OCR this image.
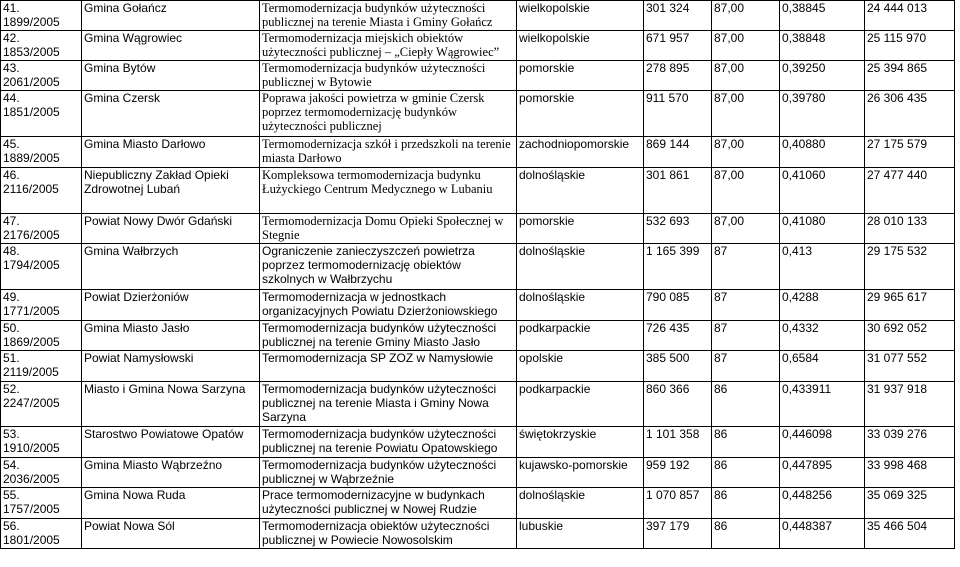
41.1899/2005	Gmina Gołańcz	Termomodernizacja budynków użyteczności publicznej na terenie Miasta i Gminy Gołańcz	wielkopolskie	301 324	87,00	0,38845	24 444 013
42.1853/2005	Gmina Wągrowiec	Termomodernizacja miejskich obiektów użyteczności publicznej – „Ciepły Wągrowiec”	wielkopolskie	671 957	87,00	0,38848	25 115 970
43.2061/2005	Gmina Bytów	Termomodernizacja budynków użyteczności publicznej w Bytowie	pomorskie	278 895	87,00	0,39250	25 394 865
44.1851/2005	Gmina Czersk	Poprawa jakości powietrza w gminie Czersk poprzez termomodernizację budynków użyteczności publicznej	pomorskie	911 570	87,00	0,39780	26 306 435
45.1889/2005	Gmina Miasto Darłowo	Termomodernizacja szkół i przedszkoli na terenie miasta Darłowo	zachodniopomorskie	869 144	87,00	0,40880	27 175 579
46.2116/2005	Niepubliczny Zakład Opieki Zdrowotnej Lubań	Kompleksowa termomodernizacja budynku Łużyckiego Centrum Medycznego w Lubaniu	dolnośląskie	301 861	87,00	0,41060	27 477 440
47.2176/2005	Powiat Nowy Dwór Gdański	Termomodernizacja Domu Opieki Społecznej w Stegnie	pomorskie	532 693	87,00	0,41080	28 010 133
48.1794/2005	Gmina Wałbrzych	Ograniczenie zanieczyszczeń powietrza poprzez termomodernizację obiektów szkolnych w Wałbrzychu	dolnośląskie	1 165 399	87	0,413	29 175 532
49.1771/2005	Powiat Dzierżoniów	Termomodernizacja w jednostkach organizacyjnych Powiatu Dzierżoniowskiego	dolnośląskie	790 085	87	0,4288	29 965 617
50.1869/2005	Gmina Miasto Jasło	Termomodernizacja budynków użyteczności publicznej na terenie Gminy Miasto Jasło	podkarpackie	726 435	87	0,4332	30 692 052
51.2119/2005	Powiat Namysłowski	Termomodernizacja SP ZOZ w Namysłowie	opolskie	385 500	87	0,6584	31 077 552
52.2247/2005	Miasto i Gmina Nowa Sarzyna	Termomodernizacja budynków użyteczności publicznej na terenie Miasta i Gminy Nowa Sarzyna	podkarpackie	860 366	86	0,433911	31 937 918
53.1910/2005	Starostwo Powiatowe Opatów	Termomodernizacja budynków użyteczności publicznej na terenie Powiatu Opatowskiego	świętokrzyskie	1 101 358	86	0,446098	33 039 276
54.2036/2005	Gmina Miasto Wąbrzeźno	Termomodernizacja budynków użyteczności publicznej w Wąbrzeźnie	kujawsko-pomorskie	959 192	86	0,447895	33 998 468
55.1757/2005	Gmina Nowa Ruda	Prace termomodernizacyjne w budynkach użyteczności publicznej w Nowej Rudzie	dolnośląskie	1 070 857	86	0,448256	35 069 325
56.1801/2005	Powiat Nowa Sól	Termomodernizacja obiektów użyteczności publicznej w Powiecie Nowosolskim	lubuskie	397 179	86	0,448387	35 466 504
